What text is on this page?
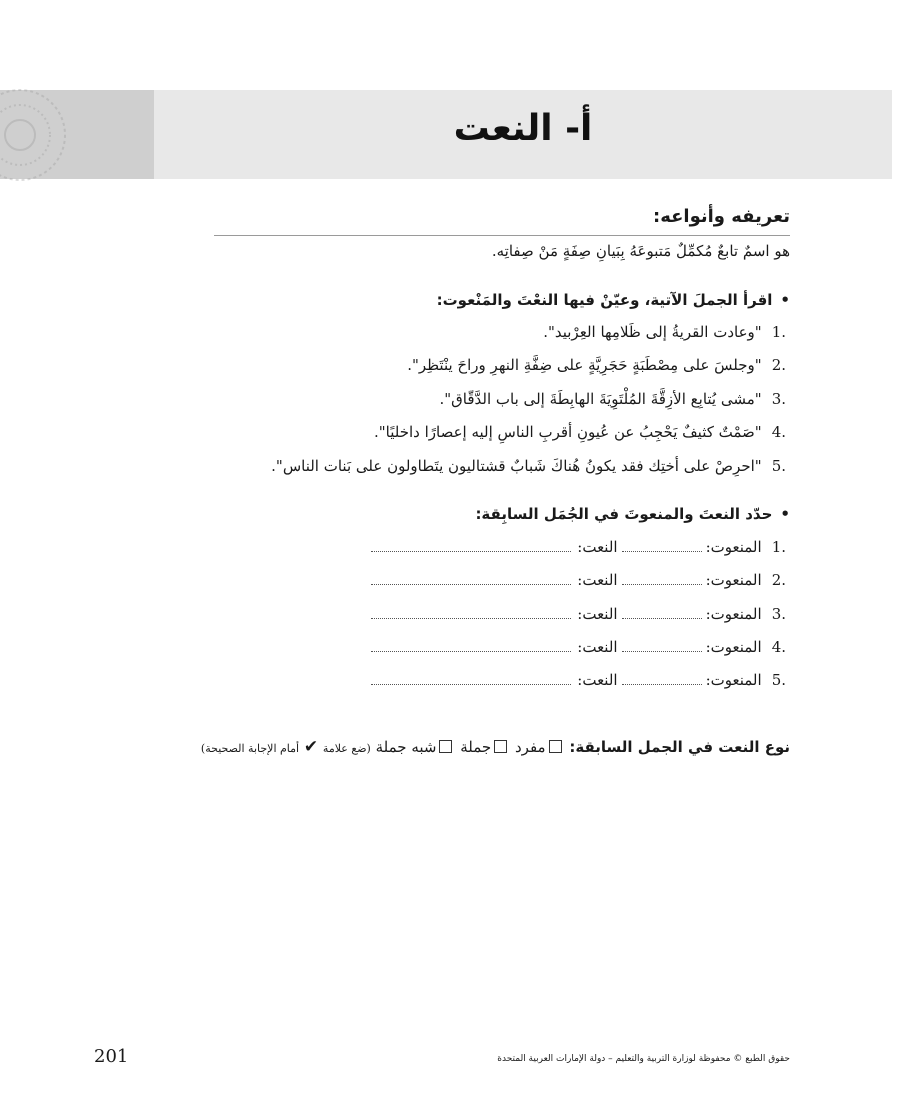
أ- النعت
تعريفه وأنواعه:
هو اسمٌ تابعٌ مُكمِّلٌ مَتبوعَهُ بِبَيانِ صِفَةٍ مَنْ صِفاتِه.
•اقرأ الجملَ الآتية، وعيّنْ فيها النعْتَ والمَنْعوت:
1."وعادت القريةُ إلى ظَلامِها العِرْبيد".
2."وجلسَ على مِصْطَبَةٍ حَجَرِيَّةٍ على ضِفَّةِ النهرِ وراحَ ينْتَظِر".
3."مشى يُتابِع الأزِقَّةَ المُلْتَوِيَةَ الهابِطَةَ إلى باب الدَّقّاق".
4."صَمْتٌ كثيفٌ يَحْجِبُ عن عُيونِ أقربِ الناسِ إليه إعصارًا داخليًا".
5."احرِصْ على أختِك فقد يكونُ هُناكَ شَبابٌ قشتاليون يتَطاولون على بَنات الناس".
•حدّد النعتَ والمنعوتَ في الجُمَل السابِقة:
1.المنعوت:النعت:
2.المنعوت:النعت:
3.المنعوت:النعت:
4.المنعوت:النعت:
5.المنعوت:النعت:
نوع النعت في الجمل السابقة: مفرد جملة شبه جملة (ضع علامة ✔ أمام الإجابة الصحيحة)
201	حقوق الطبع © محفوظة لوزارة التربية والتعليم – دولة الإمارات العربية المتحدة
